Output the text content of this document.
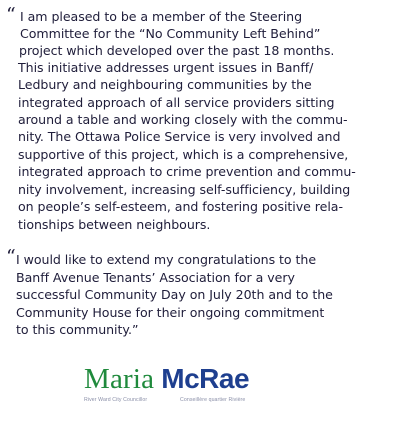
“ I am pleased to be a member of the Steering
Committee for the “No Community Left Behind”
project which developed over the past 18 months.
This initiative addresses urgent issues in Banff/
Ledbury and neighbouring communities by the
integrated approach of all service providers sitting
around a table and working closely with the commu-
nity. The Ottawa Police Service is very involved and
supportive of this project, which is a comprehensive,
integrated approach to crime prevention and commu-
nity involvement, increasing self-sufficiency, building
on people’s self-esteem, and fostering positive rela-
tionships between neighbours.
“ I would like to extend my congratulations to the
Banff Avenue Tenants’ Association for a very
successful Community Day on July 20th and to the
Community House for their ongoing commitment
to this community.”
Maria McRae
River Ward City Councillor	Conseillère quartier Rivière
